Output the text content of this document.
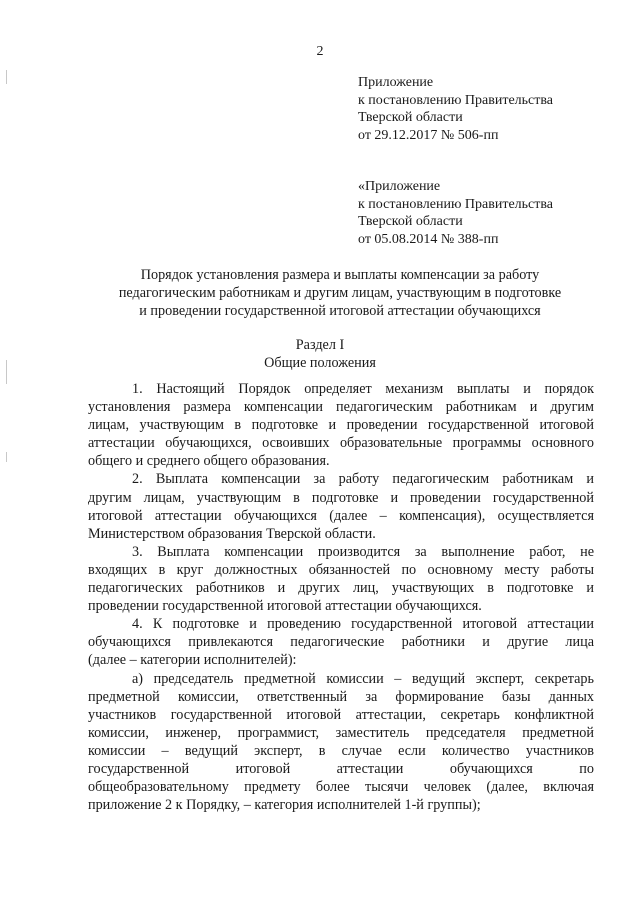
2
Приложение
к постановлению Правительства
Тверской области
от 29.12.2017 № 506-пп
«Приложение
к постановлению Правительства
Тверской области
от 05.08.2014 № 388-пп
Порядок установления размера и выплаты компенсации за работу
педагогическим работникам и другим лицам, участвующим в подготовке
и проведении государственной итоговой аттестации обучающихся
Раздел I
Общие положения
1. Настоящий Порядок определяет механизм выплаты и порядок
установления размера компенсации педагогическим работникам и другим
лицам, участвующим в подготовке и проведении государственной итоговой
аттестации обучающихся, освоивших образовательные программы основного
общего и среднего общего образования.
2. Выплата компенсации за работу педагогическим работникам и
другим лицам, участвующим в подготовке и проведении государственной
итоговой аттестации обучающихся (далее – компенсация), осуществляется
Министерством образования Тверской области.
3. Выплата компенсации производится за выполнение работ, не
входящих в круг должностных обязанностей по основному месту работы
педагогических работников и других лиц, участвующих в подготовке и
проведении государственной итоговой аттестации обучающихся.
4. К подготовке и проведению государственной итоговой аттестации
обучающихся привлекаются педагогические работники и другие лица
(далее – категории исполнителей):
а) председатель предметной комиссии – ведущий эксперт, секретарь
предметной комиссии, ответственный за формирование базы данных
участников государственной итоговой аттестации, секретарь конфликтной
комиссии, инженер, программист, заместитель председателя предметной
комиссии – ведущий эксперт, в случае если количество участников
государственной итоговой аттестации обучающихся по
общеобразовательному предмету более тысячи человек (далее, включая
приложение 2 к Порядку, – категория исполнителей 1-й группы);
